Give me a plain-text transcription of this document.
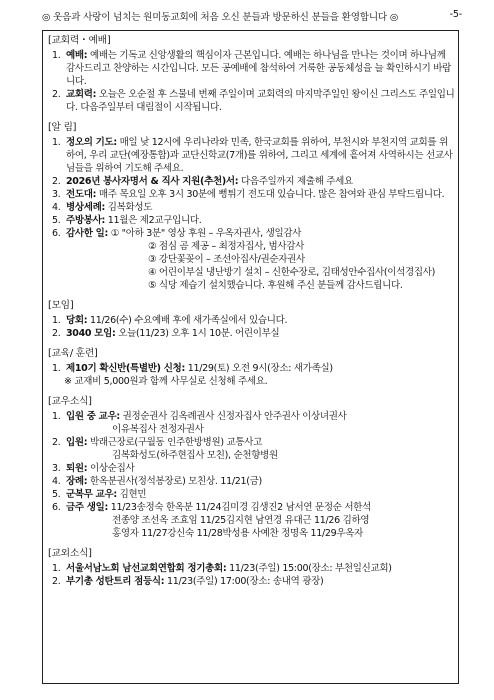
◎ 웃음과 사랑이 넘치는 원미동교회에 처음 오신 분들과 방문하신 분들을 환영합니다 ◎	-5-
[교회력・예배]
1. 예배: 예배는 기독교 신앙생활의 핵심이자 근본입니다. 예배는 하나님을 만나는 것이며 하나님께 감사드리고 찬양하는 시간입니다. 모든 공예배에 참석하여 거룩한 공동체성을 늘 확인하시기 바랍니다.
2. 교회력: 오늘은 오순절 후 스물네 번째 주일이며 교회력의 마지막주일인 왕이신 그리스도 주일입니다. 다음주일부터 대림절이 시작됩니다.
[알 림]
1. 정오의 기도: 매일 낮 12시에 우리나라와 민족, 한국교회를 위하여, 부천시와 부천지역 교회를 위하여, 우리 교단(예장통합)과 교단신학교(7개)를 위하여, 그리고 세계에 흩어져 사역하시는 선교사님들을 위하여 기도해 주세요.
2. 2026년 봉사자명서 & 직사 지원(추천)서: 다음주일까지 제출해 주세요
3. 전도대: 매주 목요일 오후 3시 30분에 뻥튀기 전도대 있습니다. 많은 참여와 관심 부탁드립니다.
4. 병상세례: 김복화성도
5. 주방봉사: 11월은 제2교구입니다.
6. 감사한 일: ① "아하 3분" 영상 후원 – 우옥자권사, 생일감사
② 점심 곰 제공 – 최정자집사, 범사감사
③ 강단꽃꽂이 – 조선아집사/권순자권사
④ 어린이부실 냉난방기 설치 – 신한수장로, 김태성안수집사(이석경집사)
⑤ 식당 제습기 설치했습니다. 후원해 주신 분들께 감사드립니다.
[모임]
1. 당회: 11/26(수) 수요예배 후에 새가족실에서 있습니다.
2. 3040 모임: 오늘(11/23) 오후 1시 10분. 어린이부실
[교육/ 훈련]
1. 제10기 확신반(특별반) 신청: 11/29(토) 오전 9시(장소: 새가족실)
※ 교재비 5,000원과 함께 사무실로 신청해 주세요.
[교우소식]
1. 입원 중 교우: 권정순권사 김옥례권사 신정자집사 안주권사 이상녀권사
이유복집사 전정자권사
2. 입원: 박래근장로(구월동 인주한방병원) 교통사고
김복화성도(하주현집사 모친), 순천향병원
3. 퇴원: 이상순집사
4. 장례: 한옥분권사(정석봉장로) 모친상. 11/21(금)
5. 군복무 교우: 김현민
6. 금주 생일: 11/23송정숙 한옥분 11/24김미경 김생진2 남서연 문정순 서한석
전종양 조선옥 조효임 11/25김지현 남연경 유대근 11/26 김하영
홍영자 11/27강신숙 11/28박성용 사예찬 정명옥 11/29우옥자
[교외소식]
1. 서울서남노회 남선교회연합회 정기총회: 11/23(주일) 15:00(장소: 부천일신교회)
2. 부기총 성탄트리 점등식: 11/23(주일) 17:00(장소: 송내역 광장)
